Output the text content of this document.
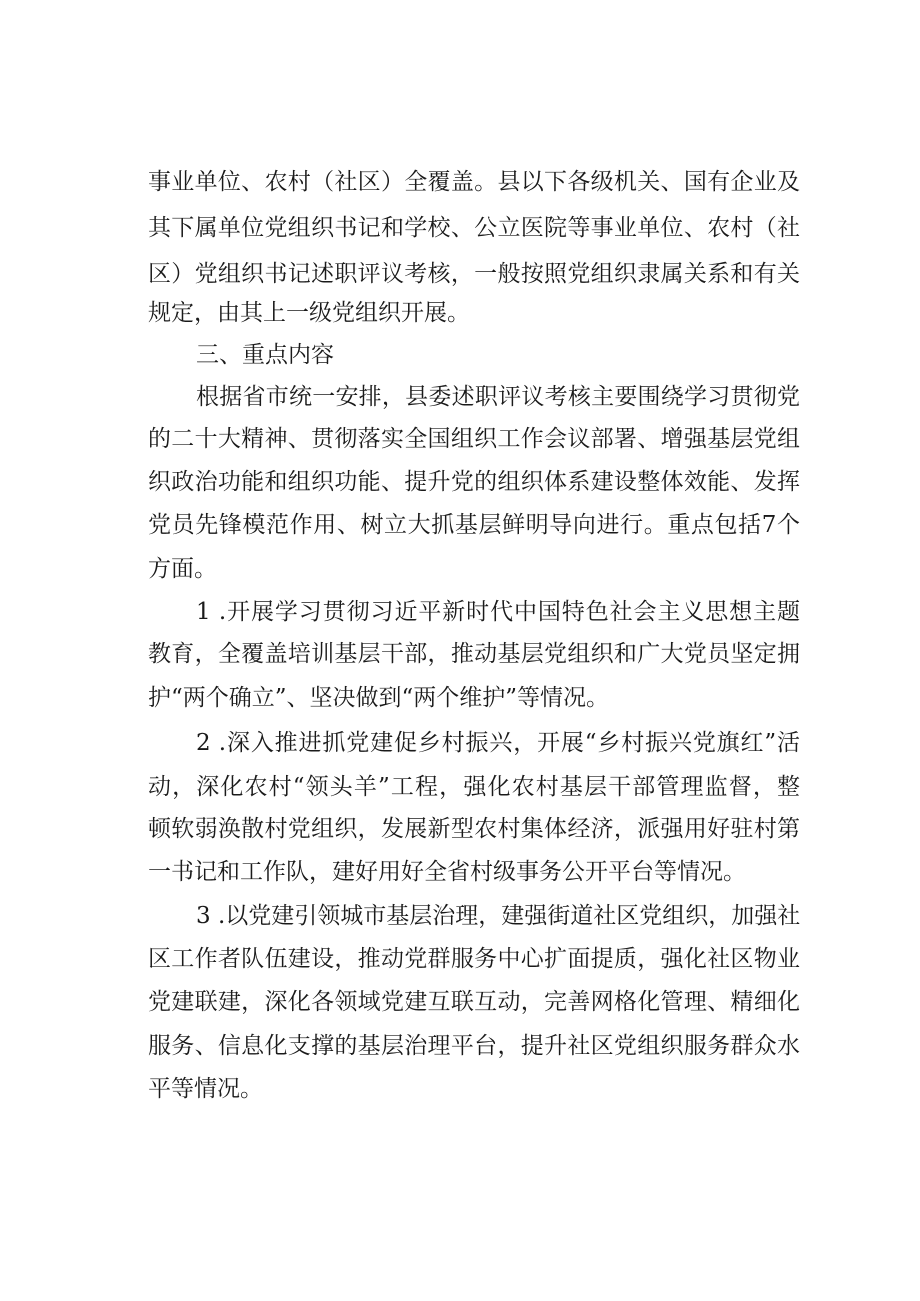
事业单位、农村（社区）全覆盖。县以下各级机关、国有企业及
其下属单位党组织书记和学校、公立医院等事业单位、农村（社
区）党组织书记述职评议考核，一般按照党组织隶属关系和有关
规定，由其上一级党组织开展。
三、重点内容
根据省市统一安排，县委述职评议考核主要围绕学习贯彻党
的二十大精神、贯彻落实全国组织工作会议部署、增强基层党组
织政治功能和组织功能、提升党的组织体系建设整体效能、发挥
党员先锋模范作用、树立大抓基层鲜明导向进行。重点包括7个
方面。
1 .开展学习贯彻习近平新时代中国特色社会主义思想主题
教育，全覆盖培训基层干部，推动基层党组织和广大党员坚定拥
护“两个确立”、坚决做到“两个维护”等情况。
2 .深入推进抓党建促乡村振兴，开展“乡村振兴党旗红”活
动，深化农村“领头羊”工程，强化农村基层干部管理监督，整
顿软弱涣散村党组织，发展新型农村集体经济，派强用好驻村第
一书记和工作队，建好用好全省村级事务公开平台等情况。
3 .以党建引领城市基层治理，建强街道社区党组织，加强社
区工作者队伍建设，推动党群服务中心扩面提质，强化社区物业
党建联建，深化各领域党建互联互动，完善网格化管理、精细化
服务、信息化支撑的基层治理平台，提升社区党组织服务群众水
平等情况。
